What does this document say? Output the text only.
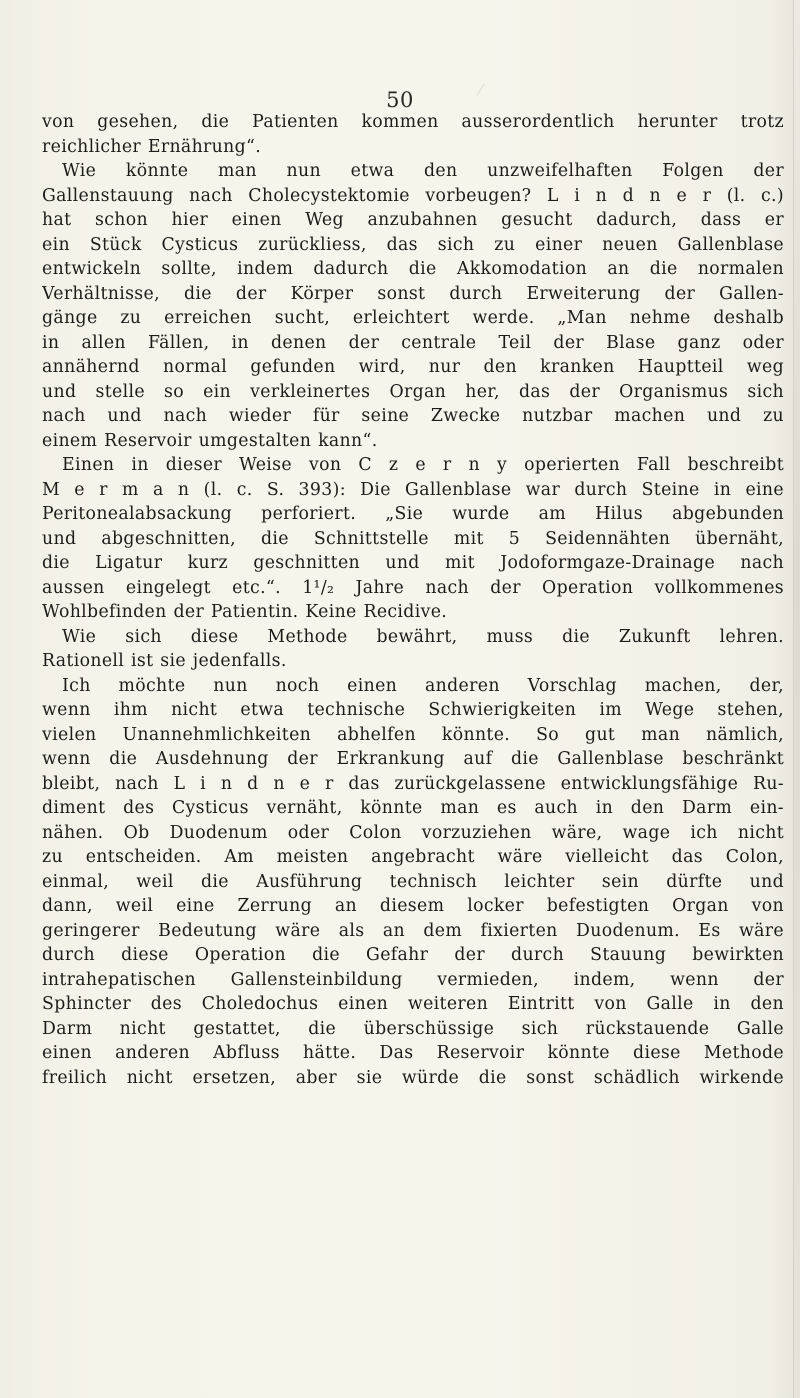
50
von gesehen, die Patienten kommen ausserordentlich herunter trotz
reichlicher Ernährung“.
Wie könnte man nun etwa den unzweifelhaften Folgen der
Gallenstauung nach Cholecystektomie vorbeugen? L i n d n e r (l. c.)
hat schon hier einen Weg anzubahnen gesucht dadurch, dass er
ein Stück Cysticus zurückliess, das sich zu einer neuen Gallenblase
entwickeln sollte, indem dadurch die Akkomodation an die normalen
Verhältnisse, die der Körper sonst durch Erweiterung der Gallen-
gänge zu erreichen sucht, erleichtert werde. „Man nehme deshalb
in allen Fällen, in denen der centrale Teil der Blase ganz oder
annähernd normal gefunden wird, nur den kranken Hauptteil weg
und stelle so ein verkleinertes Organ her, das der Organismus sich
nach und nach wieder für seine Zwecke nutzbar machen und zu
einem Reservoir umgestalten kann“.
Einen in dieser Weise von C z e r n y operierten Fall beschreibt
M e r m a n (l. c. S. 393): Die Gallenblase war durch Steine in eine
Peritonealabsackung perforiert. „Sie wurde am Hilus abgebunden
und abgeschnitten, die Schnittstelle mit 5 Seidennähten übernäht,
die Ligatur kurz geschnitten und mit Jodoformgaze-Drainage nach
aussen eingelegt etc.“. 1¹/₂ Jahre nach der Operation vollkommenes
Wohlbefinden der Patientin. Keine Recidive.
Wie sich diese Methode bewährt, muss die Zukunft lehren.
Rationell ist sie jedenfalls.
Ich möchte nun noch einen anderen Vorschlag machen, der,
wenn ihm nicht etwa technische Schwierigkeiten im Wege stehen,
vielen Unannehmlichkeiten abhelfen könnte. So gut man nämlich,
wenn die Ausdehnung der Erkrankung auf die Gallenblase beschränkt
bleibt, nach L i n d n e r das zurückgelassene entwicklungsfähige Ru-
diment des Cysticus vernäht, könnte man es auch in den Darm ein-
nähen. Ob Duodenum oder Colon vorzuziehen wäre, wage ich nicht
zu entscheiden. Am meisten angebracht wäre vielleicht das Colon,
einmal, weil die Ausführung technisch leichter sein dürfte und
dann, weil eine Zerrung an diesem locker befestigten Organ von
geringerer Bedeutung wäre als an dem fixierten Duodenum. Es wäre
durch diese Operation die Gefahr der durch Stauung bewirkten
intrahepatischen Gallensteinbildung vermieden, indem, wenn der
Sphincter des Choledochus einen weiteren Eintritt von Galle in den
Darm nicht gestattet, die überschüssige sich rückstauende Galle
einen anderen Abfluss hätte. Das Reservoir könnte diese Methode
freilich nicht ersetzen, aber sie würde die sonst schädlich wirkende
